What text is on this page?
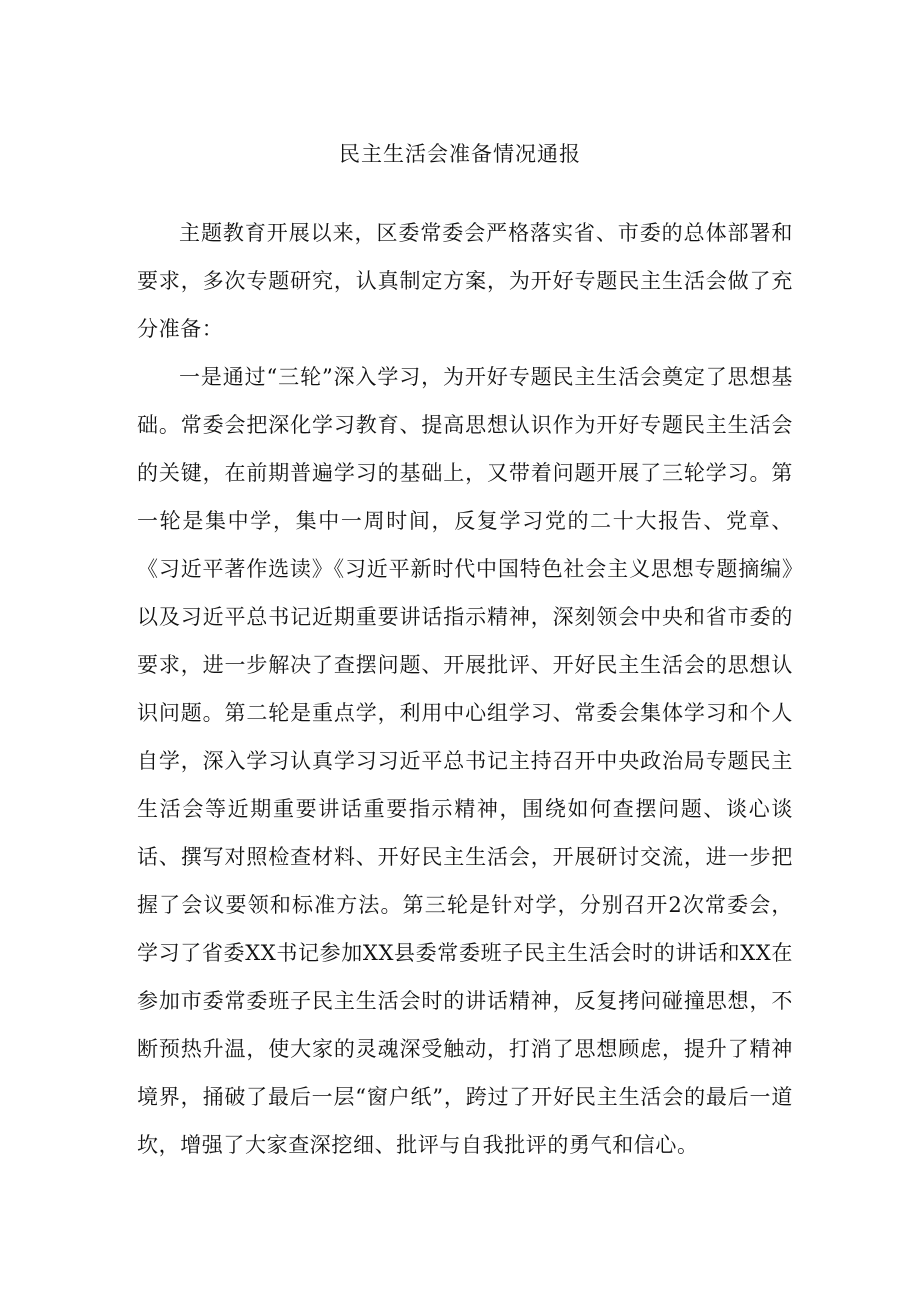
民主生活会准备情况通报

主题教育开展以来，区委常委会严格落实省、市委的总体部署和要求，多次专题研究，认真制定方案，为开好专题民主生活会做了充分准备：

一是通过“三轮”深入学习，为开好专题民主生活会奠定了思想基础。常委会把深化学习教育、提高思想认识作为开好专题民主生活会的关键，在前期普遍学习的基础上，又带着问题开展了三轮学习。第一轮是集中学，集中一周时间，反复学习党的二十大报告、党章、《习近平著作选读》《习近平新时代中国特色社会主义思想专题摘编》以及习近平总书记近期重要讲话指示精神，深刻领会中央和省市委的要求，进一步解决了查摆问题、开展批评、开好民主生活会的思想认识问题。第二轮是重点学，利用中心组学习、常委会集体学习和个人自学，深入学习认真学习习近平总书记主持召开中央政治局专题民主生活会等近期重要讲话重要指示精神，围绕如何查摆问题、谈心谈话、撰写对照检查材料、开好民主生活会，开展研讨交流，进一步把握了会议要领和标准方法。第三轮是针对学，分别召开2次常委会，学习了省委XX书记参加XX县委常委班子民主生活会时的讲话和XX在参加市委常委班子民主生活会时的讲话精神，反复拷问碰撞思想，不断预热升温，使大家的灵魂深受触动，打消了思想顾虑，提升了精神境界，捅破了最后一层“窗户纸”，跨过了开好民主生活会的最后一道坎，增强了大家查深挖细、批评与自我批评的勇气和信心。
